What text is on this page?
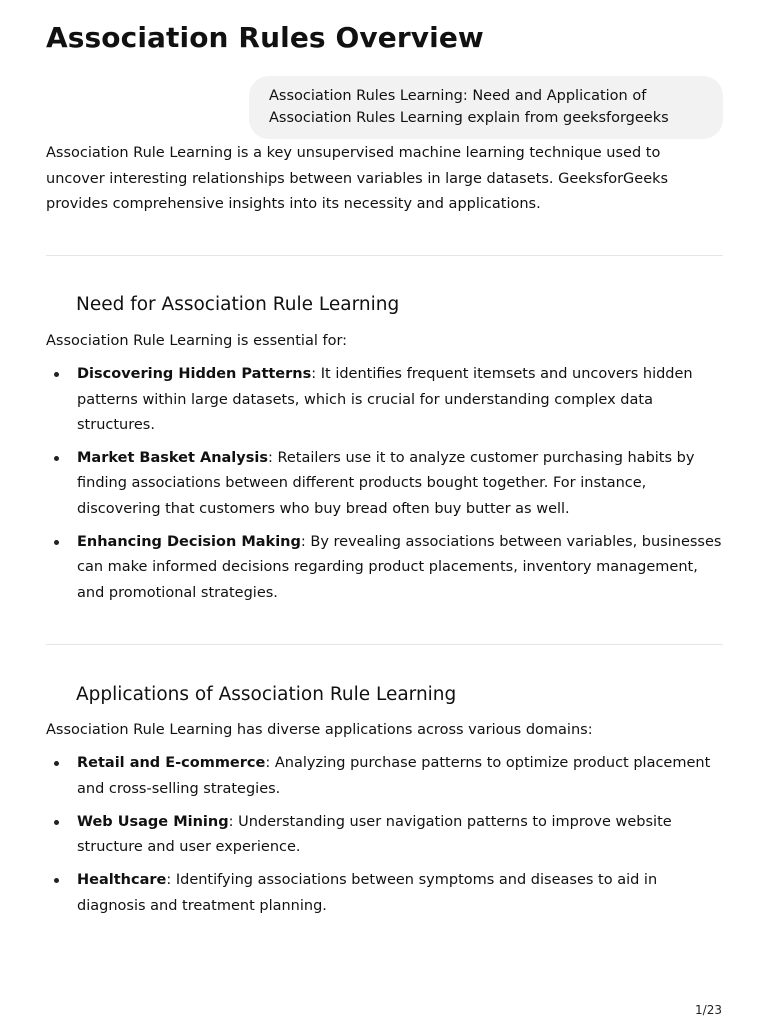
Association Rules Overview
Association Rules Learning: Need and Application of Association Rules Learning explain from geeksforgeeks

Association Rule Learning is a key unsupervised machine learning technique used to uncover interesting relationships between variables in large datasets. GeeksforGeeks provides comprehensive insights into its necessity and applications.

Need for Association Rule Learning

Association Rule Learning is essential for:

Discovering Hidden Patterns: It identifies frequent itemsets and uncovers hidden patterns within large datasets, which is crucial for understanding complex data structures.
Market Basket Analysis: Retailers use it to analyze customer purchasing habits by finding associations between different products bought together. For instance, discovering that customers who buy bread often buy butter as well.
Enhancing Decision Making: By revealing associations between variables, businesses can make informed decisions regarding product placements, inventory management, and promotional strategies.
Applications of Association Rule Learning

Association Rule Learning has diverse applications across various domains:

Retail and E-commerce: Analyzing purchase patterns to optimize product placement and cross-selling strategies.
Web Usage Mining: Understanding user navigation patterns to improve website structure and user experience.
Healthcare: Identifying associations between symptoms and diseases to aid in diagnosis and treatment planning.
1/23
